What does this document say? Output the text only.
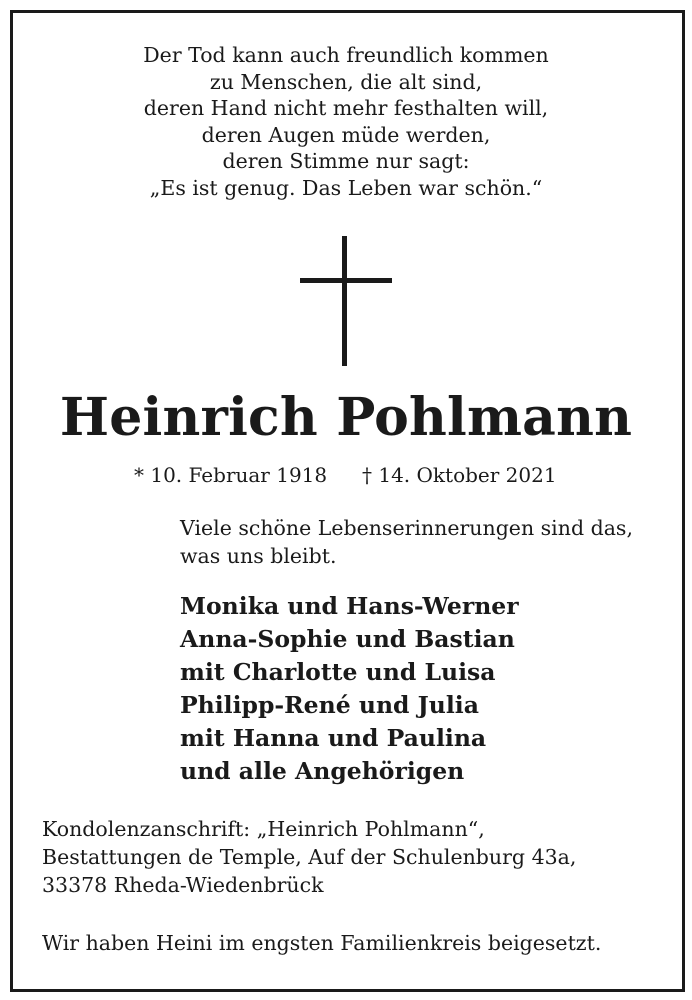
Der Tod kann auch freundlich kommen
zu Menschen, die alt sind,
deren Hand nicht mehr festhalten will,
deren Augen müde werden,
deren Stimme nur sagt:
„Es ist genug. Das Leben war schön.“
Heinrich Pohlmann
* 10. Februar 1918 † 14. Oktober 2021
Viele schöne Lebenserinnerungen sind das,
was uns bleibt.
Monika und Hans-Werner
Anna-Sophie und Bastian
mit Charlotte und Luisa
Philipp-René und Julia
mit Hanna und Paulina
und alle Angehörigen
Kondolenzanschrift: „Heinrich Pohlmann“,
Bestattungen de Temple, Auf der Schulenburg 43a,
33378 Rheda-Wiedenbrück
Wir haben Heini im engsten Familienkreis beigesetzt.
